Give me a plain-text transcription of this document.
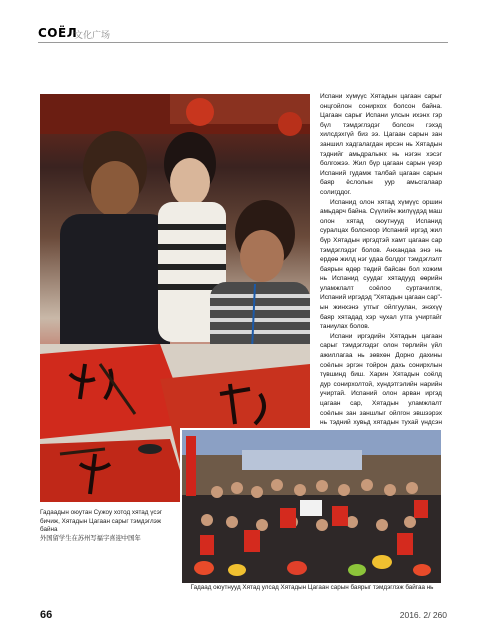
СОЁЛ
文化广场

Испани хүмүүс Хятадын цагаан сарыг онцгойлон сонирхох болсон байна. Цагаан сарыг Испани улсын ихэнх гэр бүл тэмдэглэдэг болсон гэхэд хилсдэхгүй биз ээ. Цагаан сарын зан заншил хадгалагдан ирсэн нь Хятадын тэднийг амьдралынх нь нэгэн хэсэг болгожээ. Жил бүр цагаан сарын үеэр Испаний гудамж талбай цагаан сарын баяр ёслолын уур амьсгалаар солигддог.

Испанид олон хятад хүмүүс оршин амьдарч байна. Сүүлийн жилүүдэд маш олон хятад оюутнууд Испанид суралцах болсноор Испаний иргэд жил бүр Хятадын иргэдтэй хамт цагаан сар тэмдэглэдэг болов. Анхандаа энэ нь ердөө жилд нэг удаа болдог тэмдэглэлт баярын өдөр төдий байсан бол хожим нь Испанид суудаг хятадууд өөрийн уламжлалт соёлоо суртачилгж, Испаний иргэдэд "Хятадын цагаан сар"-ын жинхэнэ утгыг ойлгуулан, энэхүү баяр хятадад хэр чухал утга учиртайг таниулах болов.

Испани иргэдийн Хятадын цагаан сарыг тэмдэглэдэг олон төрлийн үйл ажиллагаа нь зөвхөн Дорно дахины соёлын эргэн тойрон дахь сонирхлын түвшинд биш. Харин Хятадын соёлд дур сонирхолтой, хүндэтгэлийн нарийн учиртай. Испаний олон арван иргэд цагаан сар, Хятадын уламжлалт соёлын зан заншлыг ойлгон эвшээрэх нь тэдний хувьд хятадын тухай үндсэн

Гадаадын оюутан Сужоу хотод хятад үсэг бичиж, Хятадын Цагаан сарыг тэмдэглэж байна
外国留学生在苏州写福字喜迎中国年
Гадаад оюутнууд Хятад улсад Хятадын Цагаан сарын баярыг тэмдэглэж байгаа нь
66	2016. 2/ 260
